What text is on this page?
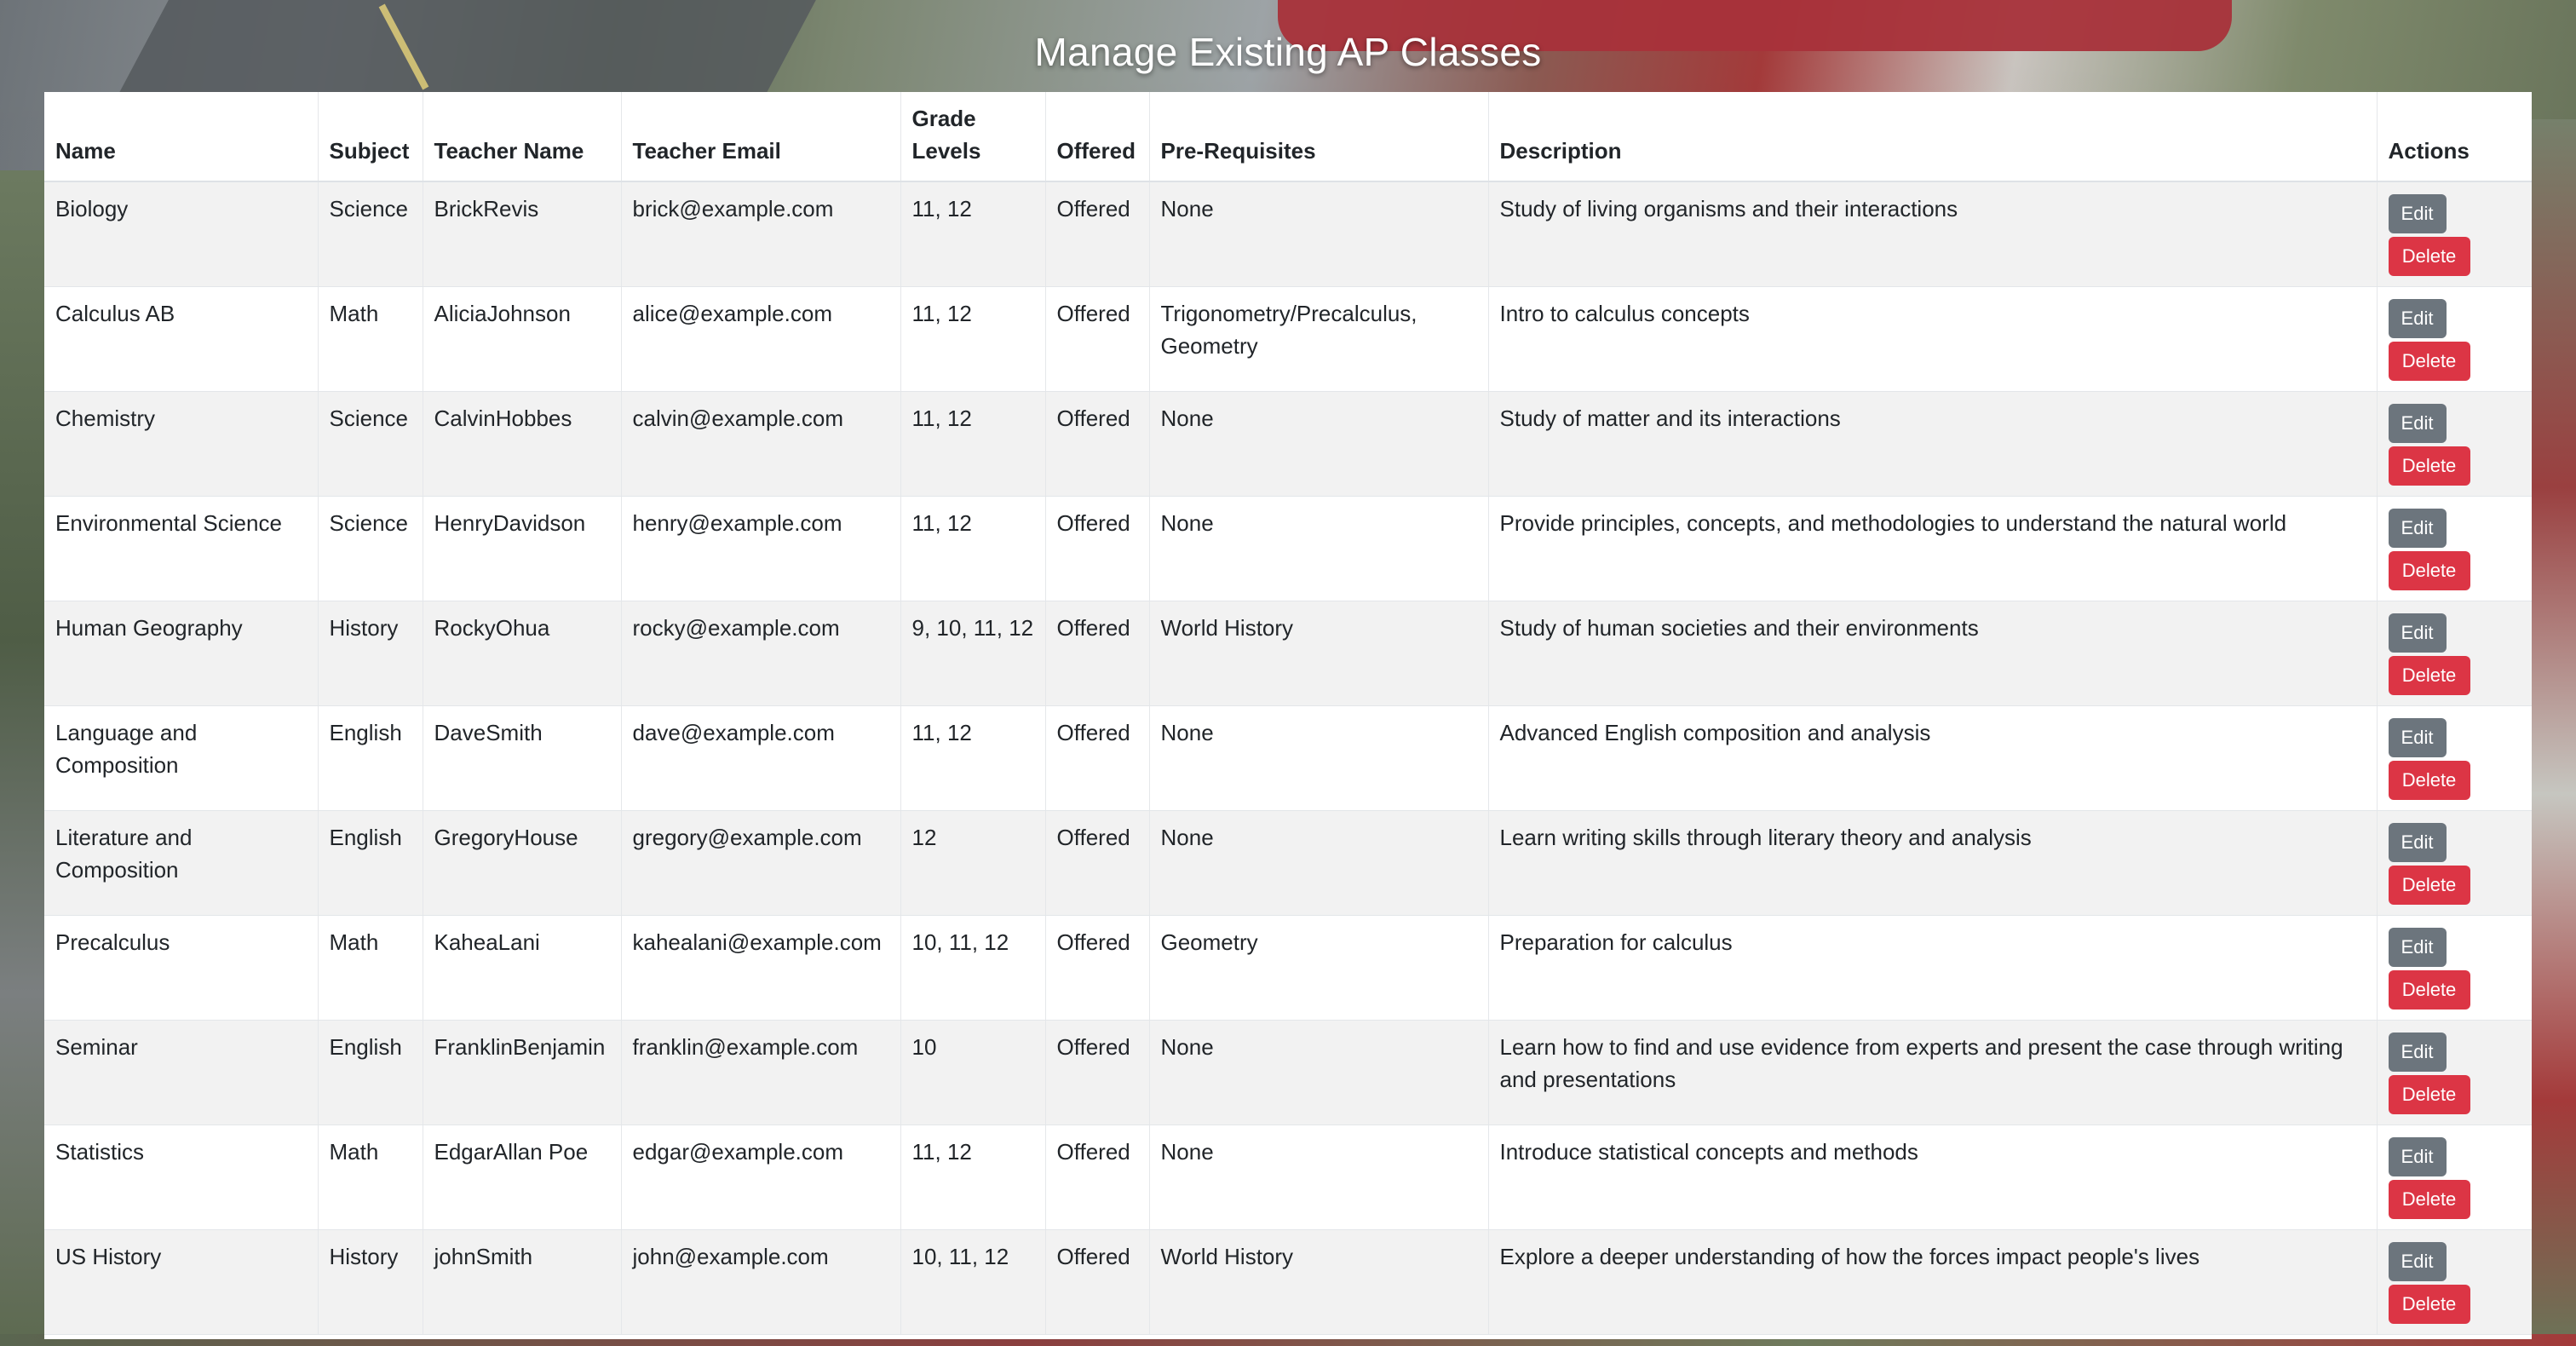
Manage Existing AP Classes
Name	Subject	Teacher Name	Teacher Email	Grade Levels	Offered	Pre-Requisites	Description	Actions
Biology	Science	BrickRevis	brick@example.com	11, 12	Offered	None	Study of living organisms and their interactions	Edit
Delete

Calculus AB	Math	AliciaJohnson	alice@example.com	11, 12	Offered	Trigonometry/Precalculus, Geometry	Intro to calculus concepts	Edit
Delete

Chemistry	Science	CalvinHobbes	calvin@example.com	11, 12	Offered	None	Study of matter and its interactions	Edit
Delete

Environmental Science	Science	HenryDavidson	henry@example.com	11, 12	Offered	None	Provide principles, concepts, and methodologies to understand the natural world	Edit
Delete

Human Geography	History	RockyOhua	rocky@example.com	9, 10, 11, 12	Offered	World History	Study of human societies and their environments	Edit
Delete

Language and Composition	English	DaveSmith	dave@example.com	11, 12	Offered	None	Advanced English composition and analysis	Edit
Delete

Literature and Composition	English	GregoryHouse	gregory@example.com	12	Offered	None	Learn writing skills through literary theory and analysis	Edit
Delete

Precalculus	Math	KaheaLani	kahealani@example.com	10, 11, 12	Offered	Geometry	Preparation for calculus	Edit
Delete

Seminar	English	FranklinBenjamin	franklin@example.com	10	Offered	None	Learn how to find and use evidence from experts and present the case through writing and presentations	Edit
Delete

Statistics	Math	EdgarAllan Poe	edgar@example.com	11, 12	Offered	None	Introduce statistical concepts and methods	Edit
Delete

US History	History	johnSmith	john@example.com	10, 11, 12	Offered	World History	Explore a deeper understanding of how the forces impact people's lives	Edit
Delete
